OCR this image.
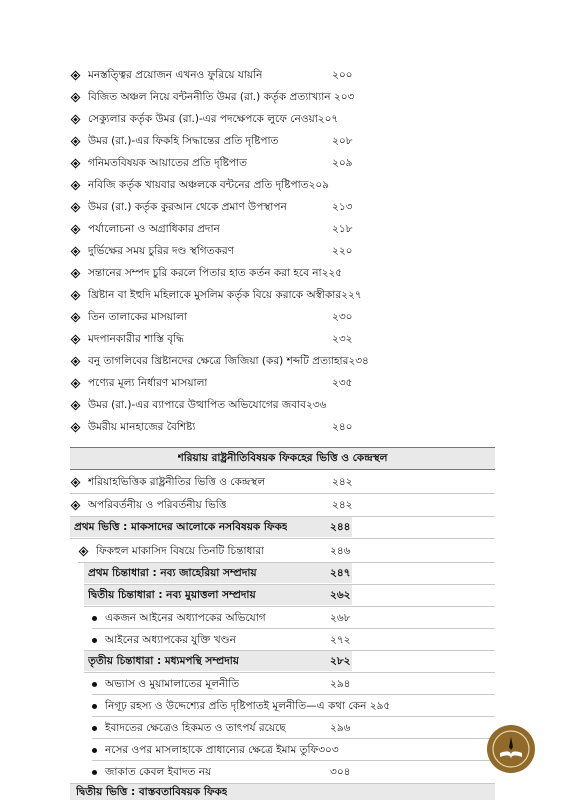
মনস্তত্ত্বির প্রয়োজন এখনও ফুরিয়ে যায়নি	২০০
বিজিত অঞ্চল নিয়ে বন্টননীতি উমর (রা.) কর্তৃক প্রত্যাখ্যান ২০৩
সেক্যুলার কর্তৃক উমর (রা.)-এর পদক্ষেপকে লুফে নেওয়া২০৭
উমর (রা.)-এর ফিকহি সিদ্ধান্তের প্রতি দৃষ্টিপাত	২০৮
গনিমতবিষয়ক আয়াতের প্রতি দৃষ্টিপাত	২০৯
নবিজি কর্তৃক খায়বার অঞ্চলকে বন্টনের প্রতি দৃষ্টিপাত২০৯
উমর (রা.) কর্তৃক কুরআন থেকে প্রমাণ উপস্থাপন	২১৩
পর্যালোচনা ও অগ্রাধিকার প্রদান	২১৮
দুর্ভিক্ষের সময় চুরির দণ্ড স্থগিতকরণ	২২০
সন্তানের সম্পদ চুরি করলে পিতার হাত কর্তন করা হবে না২২৫
খ্রিষ্টান বা ইহুদি মহিলাকে মুসলিম কর্তৃক বিয়ে করাকে অস্বীকার২২৭
তিন তালাকের মাসয়ালা	২৩০
মদপানকারীর শাস্তি বৃদ্ধি	২৩২
বনু তাগলিবের খ্রিষ্টানদের ক্ষেত্রে জিজিয়া (কর) শব্দটি প্রত্যাহার২৩৪
পণ্যের মূল্য নির্ধারণ মাসয়ালা	২৩৫
উমর (রা.)-এর ব্যাপারে উত্থাপিত অভিযোগের জবাব২৩৬
উমরীয় মানহাজের বৈশিষ্ট্য	২৪০
শরিয়ায় রাষ্ট্রনীতিবিষয়ক ফিকহের ভিত্তি ও কেন্দ্রস্থল
শরিয়াহভিত্তিক রাষ্ট্রনীতির ভিত্তি ও কেন্দ্রস্থল	২৪২
অপরিবর্তনীয় ও পরিবর্তনীয় ভিত্তি	২৪২
প্রথম ভিত্তি : মাকসাদের আলোকে নসবিষয়ক ফিকহ	২৪৪
ফিকহুল মাকাসিদ বিষয়ে তিনটি চিন্তাধারা	২৪৬
প্রথম চিন্তাধারা : নব্য জাহেরিয়া সম্প্রদায়	২৪৭
দ্বিতীয় চিন্তাধারা : নব্য মুয়াত্তলা সম্প্রদায়	২৬২
একজন আইনের অধ্যাপকের অভিযোগ	২৬৮
আইনের অধ্যাপকের যুক্তি খণ্ডন	২৭২
তৃতীয় চিন্তাধারা : মধ্যমপন্থি সম্প্রদায়	২৮২
অভ্যাস ও মুয়ামালাতের মূলনীতি	২৯৪
নিগূঢ় রহস্য ও উদ্দেশ্যের প্রতি দৃষ্টিপাতই মূলনীতি—এ কথা কেন ২৯৫
ইবাদতের ক্ষেত্রেও হিকমত ও তাৎপর্য রয়েছে	২৯৬
নসের ওপর মাসলাহাকে প্রাধান্যের ক্ষেত্রে ইমাম তুফি৩০৩
জাকাত কেবল ইবাদত নয়	৩০৪
দ্বিতীয় ভিত্তি : বাস্তবতাবিষয়ক ফিকহ
